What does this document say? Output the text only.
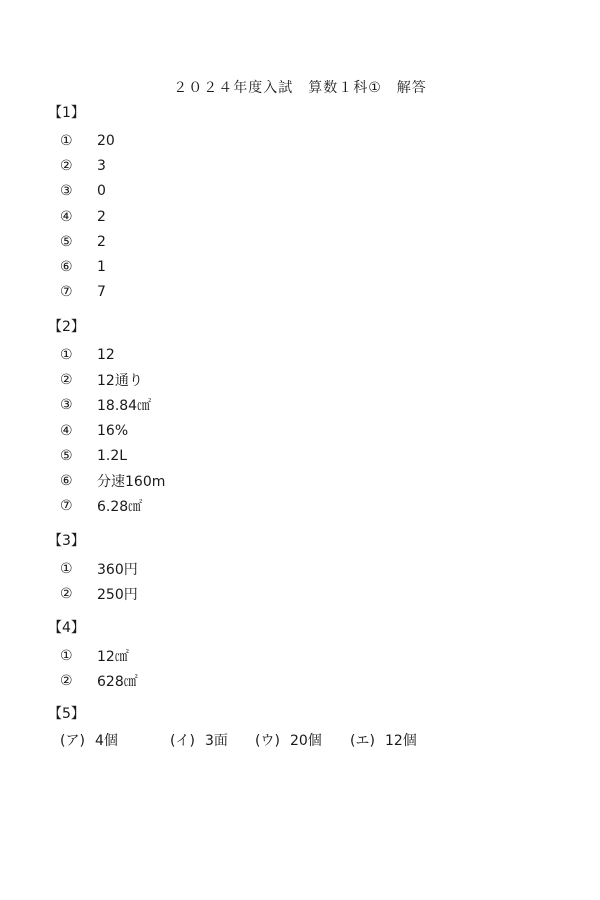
２０２４年度入試　算数１科①　解答
【1】
①	20
②	3
③	0
④	2
⑤	2
⑥	1
⑦	7
【2】
①	12
②	12通り
③	18.84㎠
④	16%
⑤	1.2L
⑥	分速160m
⑦	6.28㎠
【3】
①	360円
②	250円
【4】
①	12㎠
②	628㎠
【5】
(ア) 4個	(イ) 3面 (ウ) 20個 (エ) 12個
